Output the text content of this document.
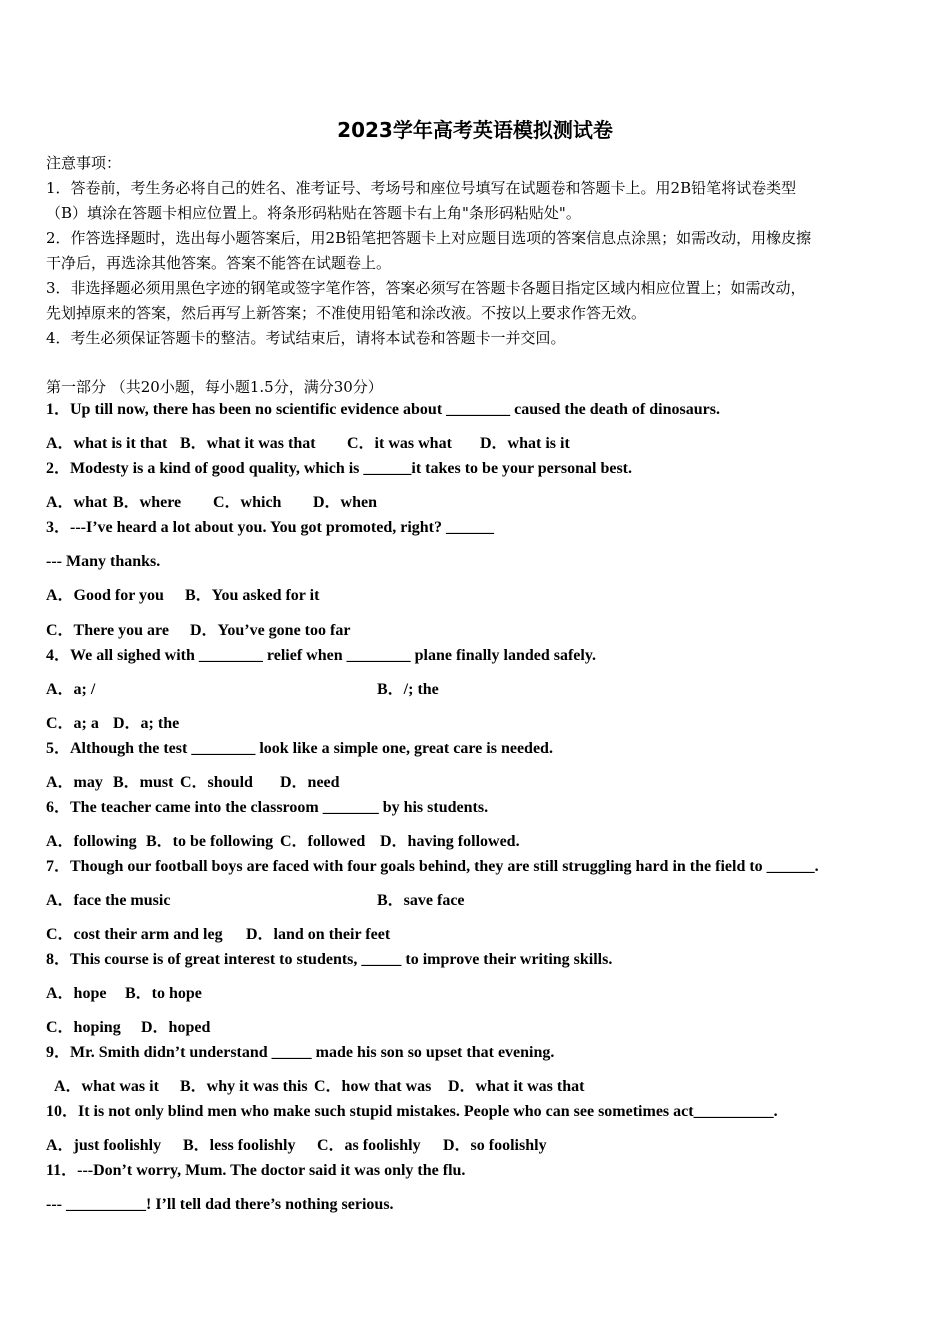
2023学年高考英语模拟测试卷
注意事项：
1．答卷前，考生务必将自己的姓名、准考证号、考场号和座位号填写在试题卷和答题卡上。用2B铅笔将试卷类型
（B）填涂在答题卡相应位置上。将条形码粘贴在答题卡右上角"条形码粘贴处"。
2．作答选择题时，选出每小题答案后，用2B铅笔把答题卡上对应题目选项的答案信息点涂黑；如需改动，用橡皮擦
干净后，再选涂其他答案。答案不能答在试题卷上。
3．非选择题必须用黑色字迹的钢笔或签字笔作答，答案必须写在答题卡各题目指定区域内相应位置上；如需改动，
先划掉原来的答案，然后再写上新答案；不准使用铅笔和涂改液。不按以上要求作答无效。
4．考生必须保证答题卡的整洁。考试结束后，请将本试卷和答题卡一并交回。
第一部分 （共20小题，每小题1.5分，满分30分）
1．Up till now, there has been no scientific evidence about ________ caused the death of dinosaurs.
A．what is it that B．what it was that C．it was what D．what is it
2．Modesty is a kind of good quality, which is ______it takes to be your personal best.
A．what B．where C．which D．when
3．---I’ve heard a lot about you. You got promoted, right? ______
--- Many thanks.
A．Good for you B．You asked for it
C．There you are D．You’ve gone too far
4．We all sighed with ________ relief when ________ plane finally landed safely.
A．a; /	B．/; the
C．a; a D．a; the
5．Although the test ________ look like a simple one, great care is needed.
A．may B．must C．should D．need
6．The teacher came into the classroom _______ by his students.
A．following B．to be following C．followed D．having followed.
7．Though our football boys are faced with four goals behind, they are still struggling hard in the field to ______.
A．face the music	B．save face
C．cost their arm and leg D．land on their feet
8．This course is of great interest to students, _____ to improve their writing skills.
A．hope B．to hope
C．hoping D．hoped
9．Mr. Smith didn’t understand _____ made his son so upset that evening.
A．what was it B．why it was this C．how that was D．what it was that
10．It is not only blind men who make such stupid mistakes. People who can see sometimes act__________.
A．just foolishly B．less foolishly C．as foolishly D．so foolishly
11．---Don’t worry, Mum. The doctor said it was only the flu.
--- __________! I’ll tell dad there’s nothing serious.
